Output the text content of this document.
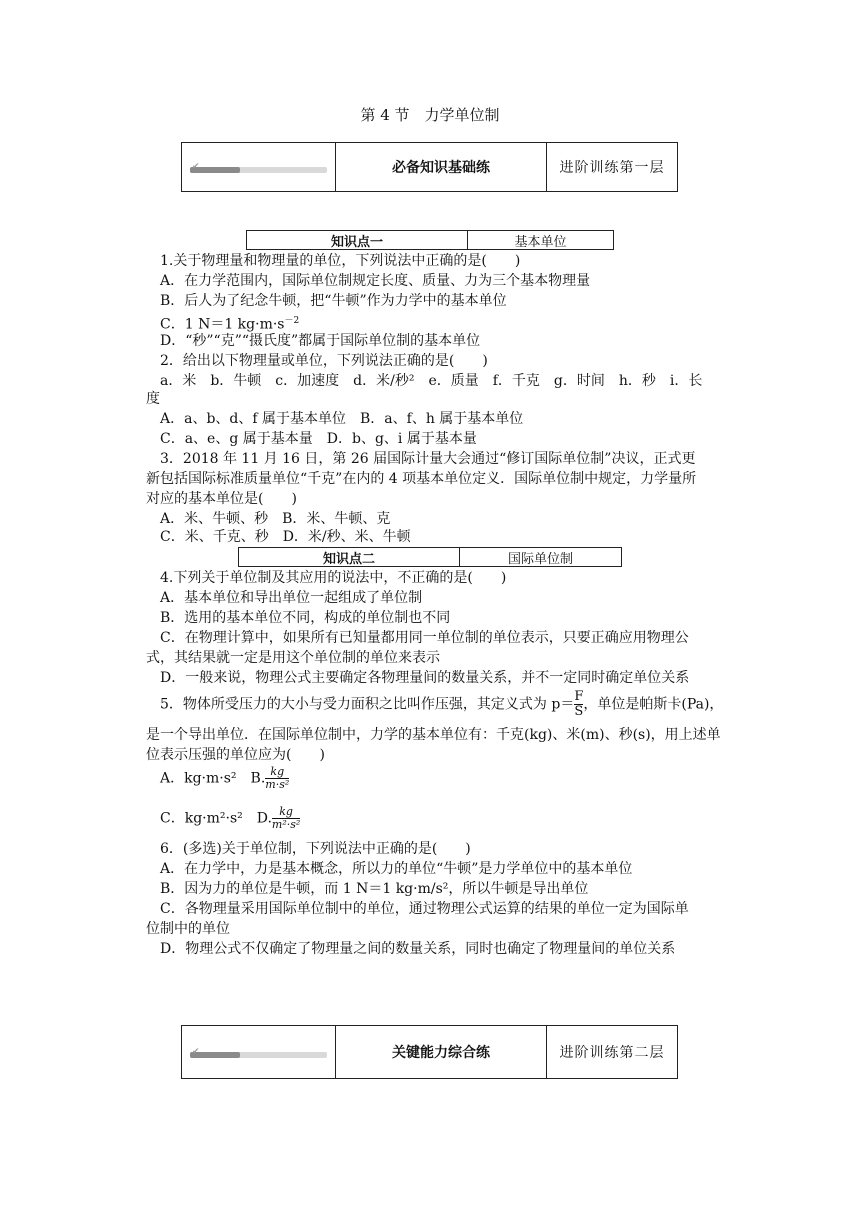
第 4 节　力学单位制
✔	必备知识基础练	进阶训练第一层
知识点一	基本单位
1.关于物理量和物理量的单位，下列说法中正确的是(　　)
A．在力学范围内，国际单位制规定长度、质量、力为三个基本物理量
B．后人为了纪念牛顿，把“牛顿”作为力学中的基本单位
C．1 N＝1 $kg\cdot m\cdot s^{-2}$
D．“秒”“克”“摄氏度”都属于国际单位制的基本单位
2．给出以下物理量或单位，下列说法正确的是(　　)
a．米　b．牛顿　c．加速度　d．米/秒²　e．质量　f．千克　g．时间　h．秒　i．长
度
A．a、b、d、f 属于基本单位　B．a、f、h 属于基本单位
C．a、e、g 属于基本量　D．b、g、i 属于基本量
3．2018 年 11 月 16 日，第 26 届国际计量大会通过“修订国际单位制”决议，正式更
新包括国际标准质量单位“千克”在内的 4 项基本单位定义．国际单位制中规定，力学量所
对应的基本单位是(　　)
A．米、牛顿、秒　B．米、牛顿、克
C．米、千克、秒　D．米/秒、米、牛顿
知识点二	国际单位制
4.下列关于单位制及其应用的说法中，不正确的是(　　)
A．基本单位和导出单位一起组成了单位制
B．选用的基本单位不同，构成的单位制也不同
C．在物理计算中，如果所有已知量都用同一单位制的单位表示，只要正确应用物理公
式，其结果就一定是用这个单位制的单位来表示
D．一般来说，物理公式主要确定各物理量间的数量关系，并不一定同时确定单位关系
5．物体所受压力的大小与受力面积之比叫作压强，其定义式为 $p= \frac{F}{S}$ ，单位是帕斯卡(Pa)，
是一个导出单位．在国际单位制中，力学的基本单位有：千克(kg)、米(m)、秒(s)，用上述单
位表示压强的单位应为(　　)
A．kg·m·s²　B. $\frac{kg}{\text{m·s²}}$
C．kg·m²·s²　D. $\frac{kg}{\text{m²·s²}}$
6．(多选)关于单位制，下列说法中正确的是(　　)
A．在力学中，力是基本概念，所以力的单位“牛顿”是力学单位中的基本单位
B．因为力的单位是牛顿，而 1 N＝1 kg·m/s²，所以牛顿是导出单位
C．各物理量采用国际单位制中的单位，通过物理公式运算的结果的单位一定为国际单
位制中的单位
D．物理公式不仅确定了物理量之间的数量关系，同时也确定了物理量间的单位关系
✔	关键能力综合练	进阶训练第二层
